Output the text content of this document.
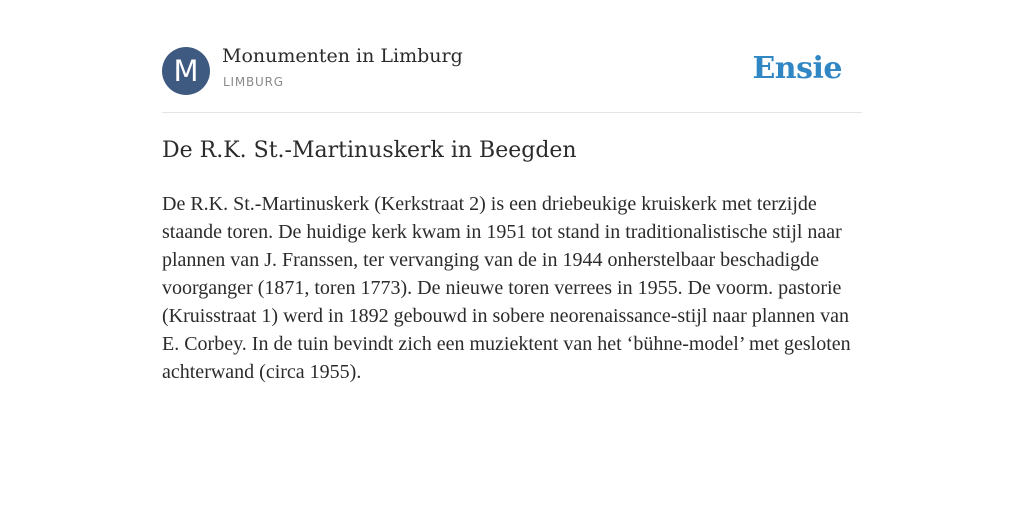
M	Monumenten in Limburg
LIMBURG	Ensie
De R.K. St.-Martinuskerk in Beegden

De R.K. St.-Martinuskerk (Kerkstraat 2) is een driebeukige kruiskerk met terzijde staande toren. De huidige kerk kwam in 1951 tot stand in traditionalistische stijl naar plannen van J. Franssen, ter vervanging van de in 1944 onherstelbaar beschadigde voorganger (1871, toren 1773). De nieuwe toren verrees in 1955. De voorm. pastorie (Kruisstraat 1) werd in 1892 gebouwd in sobere neorenaissance-stijl naar plannen van E. Corbey. In de tuin bevindt zich een muziektent van het ‘bühne-model’ met gesloten achterwand (circa 1955).
